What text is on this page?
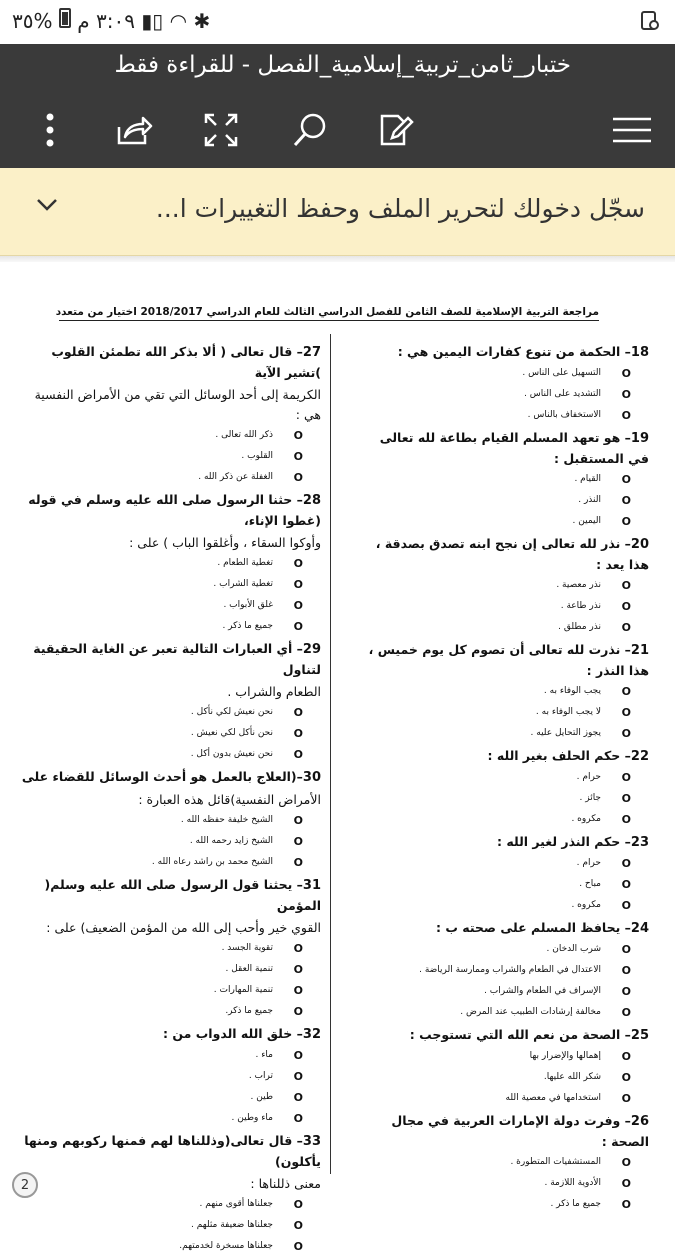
٣:٠٩ م  %٣٥	▮▯ ◠ ✱
ختبار_ثامن_تربية_إسلامية_الفصل - للقراءة فقط
سجّل دخولك لتحرير الملف وحفظ التغييرات ا...
مراجعة التربية الإسلامية للصف الثامن للفصل الدراسي الثالث للعام الدراسي 2018/2017 اختيار من متعدد
18– الحكمة من تنوع كفارات اليمين هي :
O
التسهيل على الناس .
O
التشديد على الناس .
O
الاستخفاف بالناس .
19– هو تعهد المسلم القيام بطاعة لله تعالى في المستقبل :
O
القيام .
O
النذر .
O
اليمين .
20– نذر لله تعالى إن نجح ابنه تصدق بصدقة ، هذا يعد :
O
نذر معصية .
O
نذر طاعة .
O
نذر مطلق .
21– نذرت لله تعالى أن تصوم كل يوم خميس ، هذا النذر :
O
يجب الوفاء به .
O
لا يجب الوفاء به .
O
يجوز التحايل عليه .
22– حكم الحلف بغير الله :
O
حرام .
O
جائز .
O
مكروه .
23– حكم النذر لغير الله :
O
حرام .
O
مباح .
O
مكروه .
24– يحافظ المسلم على صحته ب :
O
شرب الدخان .
O
الاعتدال في الطعام والشراب وممارسة الرياضة .
O
الإسراف في الطعام والشراب .
O
مخالفة إرشادات الطبيب عند المرض .
25– الصحة من نعم الله التي تستوجب :
O
إهمالها والإضرار بها
O
شكر الله عليها.
O
استخدامها في معصية الله
26– وفرت دولة الإمارات العربية في مجال الصحة :
O
المستشفيات المتطورة .
O
الأدوية اللازمة .
O
جميع ما ذكر .
27– قال تعالى ( ألا بذكر الله تطمئن القلوب )تشير الآية
الكريمة إلى أحد الوسائل التي تقي من الأمراض النفسية هي :
O
ذكر الله تعالى .
O
القلوب .
O
الغفلة عن ذكر الله .
28– حثنا الرسول صلى الله عليه وسلم في قوله (غطوا الإناء،
وأوكوا السقاء ، وأغلقوا الباب ) على :
O
تغطية الطعام .
O
تغطية الشراب .
O
غلق الأبواب .
O
جميع ما ذكر .
29– أي العبارات التالية تعبر عن الغاية الحقيقية لتناول
الطعام والشراب .
O
نحن نعيش لكي نأكل .
O
نحن نأكل لكي نعيش .
O
نحن نعيش بدون أكل .
30–(العلاج بالعمل هو أحدث الوسائل للقضاء على
الأمراض النفسية)قائل هذه العبارة :
O
الشيخ خليفة حفظه الله .
O
الشيخ زايد رحمه الله .
O
الشيخ محمد بن راشد رعاه الله .
31– يحثنا قول الرسول صلى الله عليه وسلم( المؤمن
القوي خير وأحب إلى الله من المؤمن الضعيف) على :
O
تقوية الجسد .
O
تنمية العقل .
O
تنمية المهارات .
O
جميع ما ذكر.
32– خلق الله الدواب من :
O
ماء .
O
تراب .
O
طين .
O
ماء وطين .
33– قال تعالى(وذللناها لهم فمنها ركوبهم ومنها يأكلون)
معنى ذللناها :
O
جعلناها أقوى منهم .
O
جعلناها ضعيفة مثلهم .
O
جعلناها مسخرة لخدمتهم.
2
